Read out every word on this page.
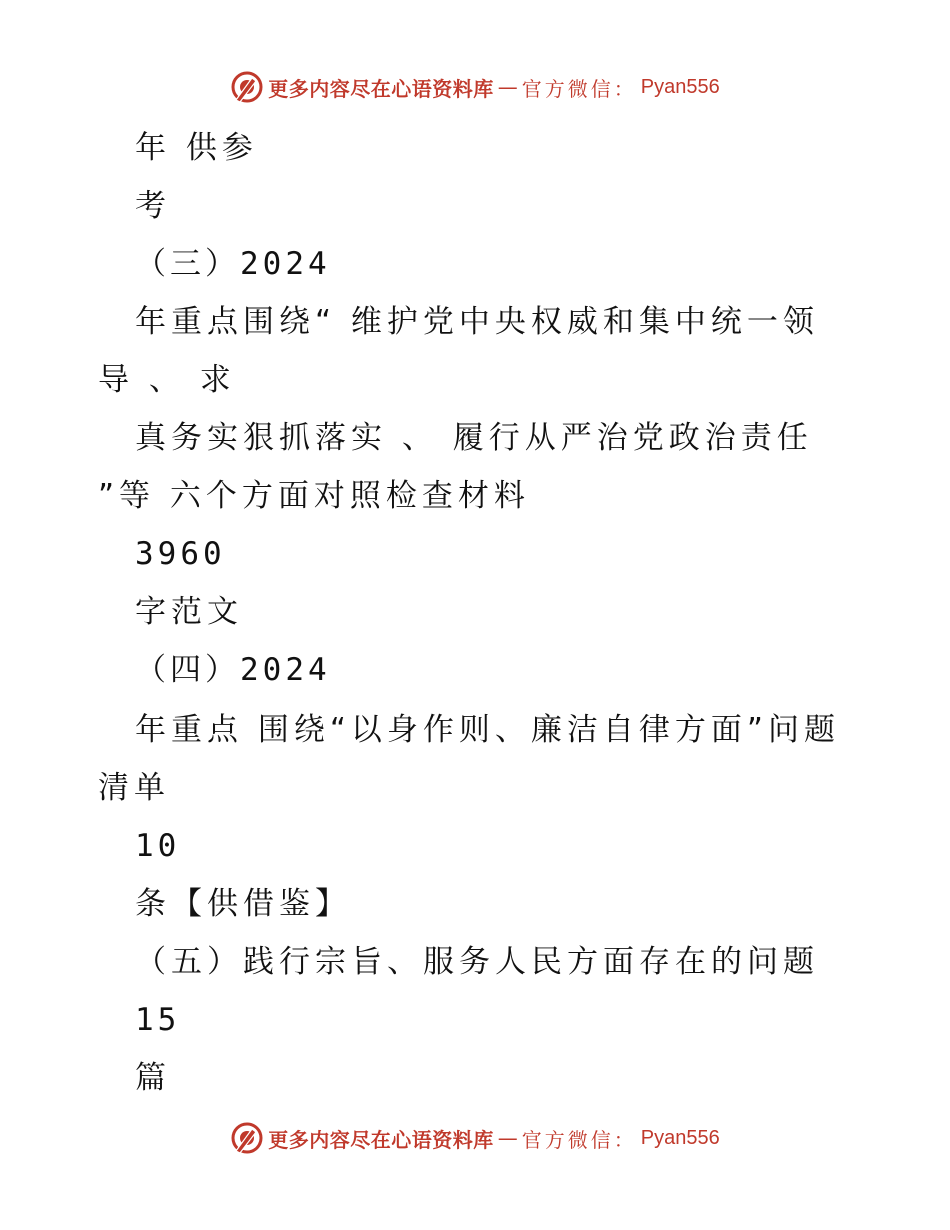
更多内容尽在心语资料库 — 官方微信： Pyan556
年 供参
考
（三）2024
年重点围绕“ 维护党中央权威和集中统一领
导 、 求
真务实狠抓落实 、 履行从严治党政治责任
”等 六个方面对照检查材料
3960
字范文
（四）2024
年重点 围绕“以身作则、廉洁自律方面”问题
清单
10
条【供借鉴】
（五）践行宗旨、服务人民方面存在的问题
15
篇
更多内容尽在心语资料库 — 官方微信： Pyan556
